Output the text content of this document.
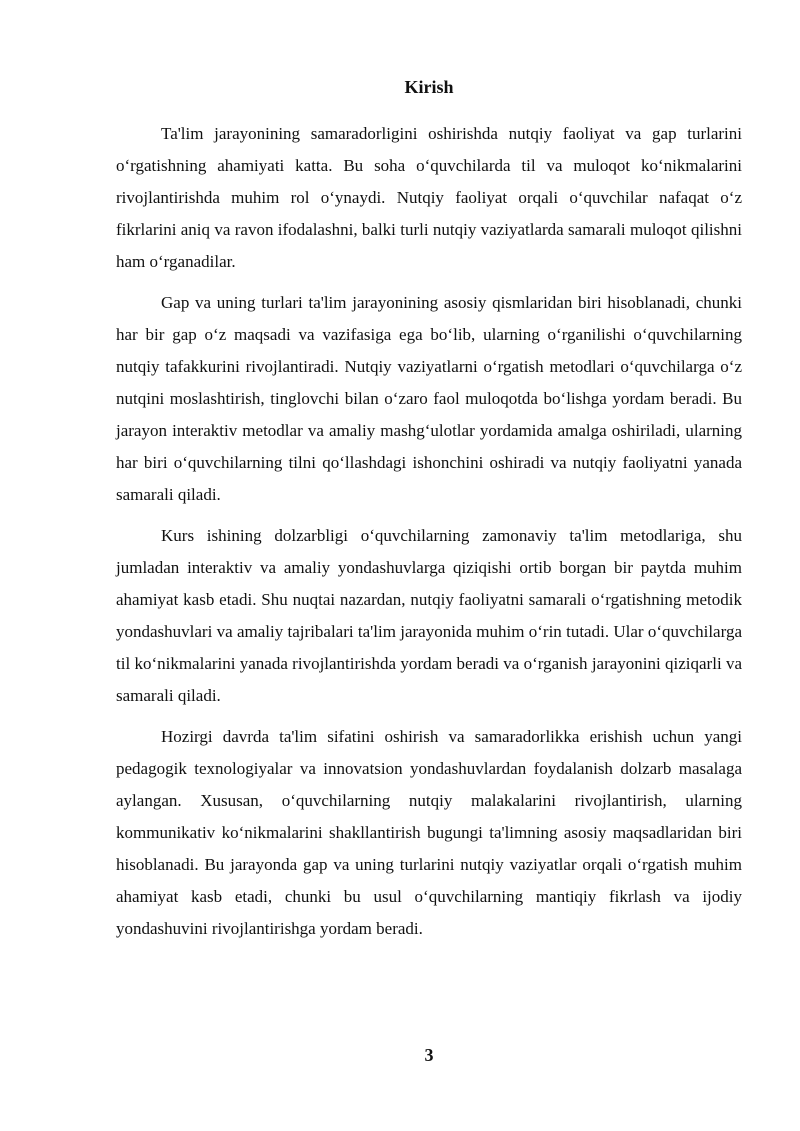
Kirish

Ta'lim jarayonining samaradorligini oshirishda nutqiy faoliyat va gap turlarini o‘rgatishning ahamiyati katta. Bu soha o‘quvchilarda til va muloqot ko‘nikmalarini rivojlantirishda muhim rol o‘ynaydi. Nutqiy faoliyat orqali o‘quvchilar nafaqat o‘z fikrlarini aniq va ravon ifodalashni, balki turli nutqiy vaziyatlarda samarali muloqot qilishni ham o‘rganadilar.

Gap va uning turlari ta'lim jarayonining asosiy qismlaridan biri hisoblanadi, chunki har bir gap o‘z maqsadi va vazifasiga ega bo‘lib, ularning o‘rganilishi o‘quvchilarning nutqiy tafakkurini rivojlantiradi. Nutqiy vaziyatlarni o‘rgatish metodlari o‘quvchilarga o‘z nutqini moslashtirish, tinglovchi bilan o‘zaro faol muloqotda bo‘lishga yordam beradi. Bu jarayon interaktiv metodlar va amaliy mashg‘ulotlar yordamida amalga oshiriladi, ularning har biri o‘quvchilarning tilni qo‘llashdagi ishonchini oshiradi va nutqiy faoliyatni yanada samarali qiladi.

Kurs ishining dolzarbligi o‘quvchilarning zamonaviy ta'lim metodlariga, shu jumladan interaktiv va amaliy yondashuvlarga qiziqishi ortib borgan bir paytda muhim ahamiyat kasb etadi. Shu nuqtai nazardan, nutqiy faoliyatni samarali o‘rgatishning metodik yondashuvlari va amaliy tajribalari ta'lim jarayonida muhim o‘rin tutadi. Ular o‘quvchilarga til ko‘nikmalarini yanada rivojlantirishda yordam beradi va o‘rganish jarayonini qiziqarli va samarali qiladi.

Hozirgi davrda ta'lim sifatini oshirish va samaradorlikka erishish uchun yangi pedagogik texnologiyalar va innovatsion yondashuvlardan foydalanish dolzarb masalaga aylangan. Xususan, o‘quvchilarning nutqiy malakalarini rivojlantirish, ularning kommunikativ ko‘nikmalarini shakllantirish bugungi ta'limning asosiy maqsadlaridan biri hisoblanadi. Bu jarayonda gap va uning turlarini nutqiy vaziyatlar orqali o‘rgatish muhim ahamiyat kasb etadi, chunki bu usul o‘quvchilarning mantiqiy fikrlash va ijodiy yondashuvini rivojlantirishga yordam beradi.

3
